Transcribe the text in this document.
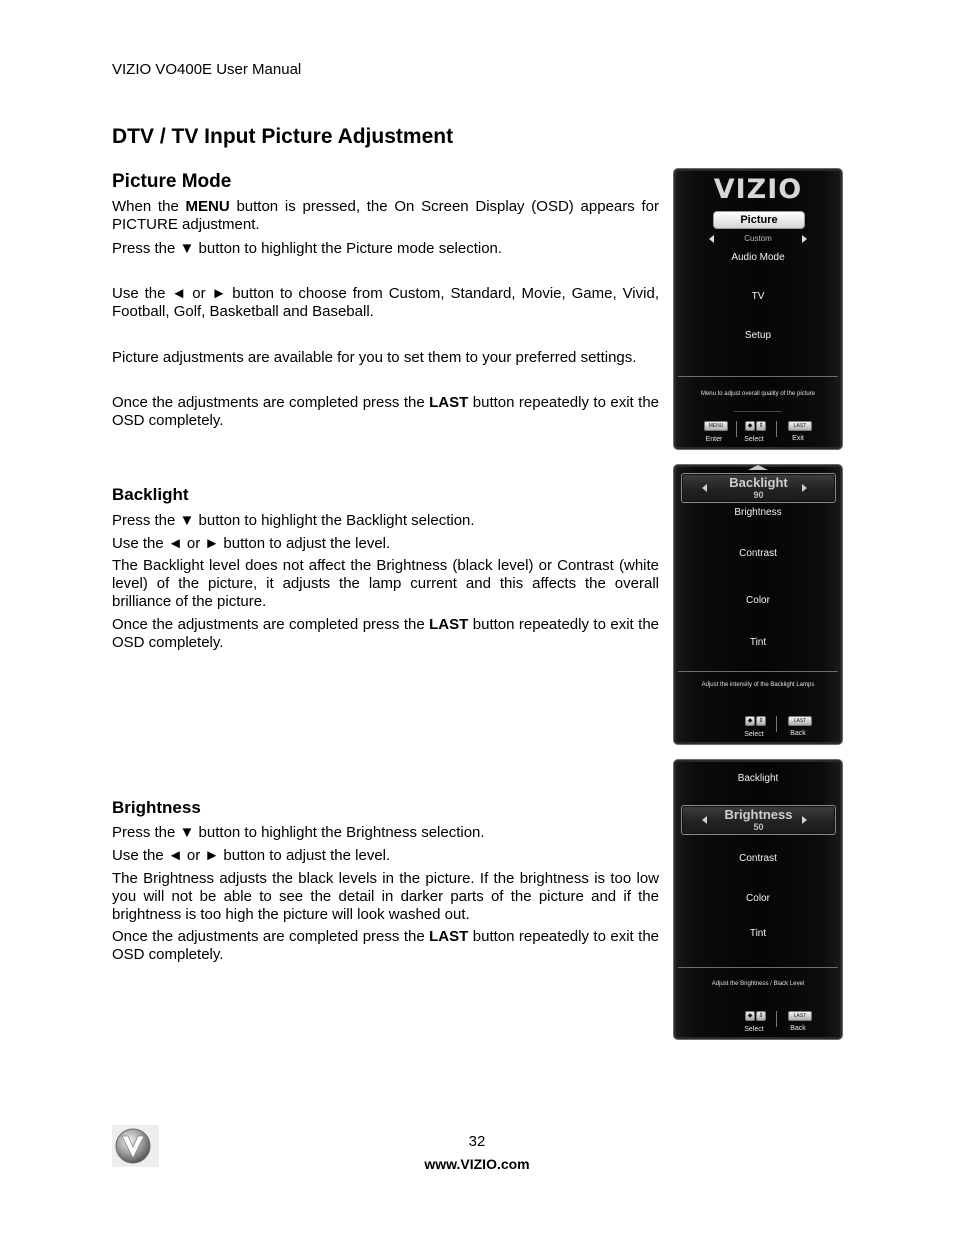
VIZIO VO400E User Manual
DTV / TV Input Picture Adjustment
Picture Mode
When the MENU button is pressed, the On Screen Display (OSD) appears for PICTURE adjustment.
Press the ▼ button to highlight the Picture mode selection.
Use the ◄ or ► button to choose from Custom, Standard, Movie, Game, Vivid, Football, Golf, Basketball and Baseball.
Picture adjustments are available for you to set them to your preferred settings.
Once the adjustments are completed press the LAST button repeatedly to exit the OSD completely.
Backlight
Press the ▼ button to highlight the Backlight selection.
Use the ◄ or ► button to adjust the level.
The Backlight level does not affect the Brightness (black level) or Contrast (white level) of the picture, it adjusts the lamp current and this affects the overall brilliance of the picture.
Once the adjustments are completed press the LAST button repeatedly to exit the OSD completely.
Brightness
Press the ▼ button to highlight the Brightness selection.
Use the ◄ or ► button to adjust the level.
The Brightness adjusts the black levels in the picture. If the brightness is too low you will not be able to see the detail in darker parts of the picture and if the brightness is too high the picture will look washed out.
Once the adjustments are completed press the LAST button repeatedly to exit the OSD completely.
VIZIO
Picture
Custom
Audio Mode
TV
Setup
Menu to adjust overall quality of the picture
MENU	◆	⇕	LAST
Enter	Select	Exit
Backlight
90
Brightness
Contrast
Color
Tint
Adjust the intensity of the Backlight Lamps
◆	⇕	LAST
Select	Back
Backlight
Brightness
50
Contrast
Color
Tint
Adjust the Brightness / Black Level
◆	⇕	LAST
Select	Back
32
www.VIZIO.com
